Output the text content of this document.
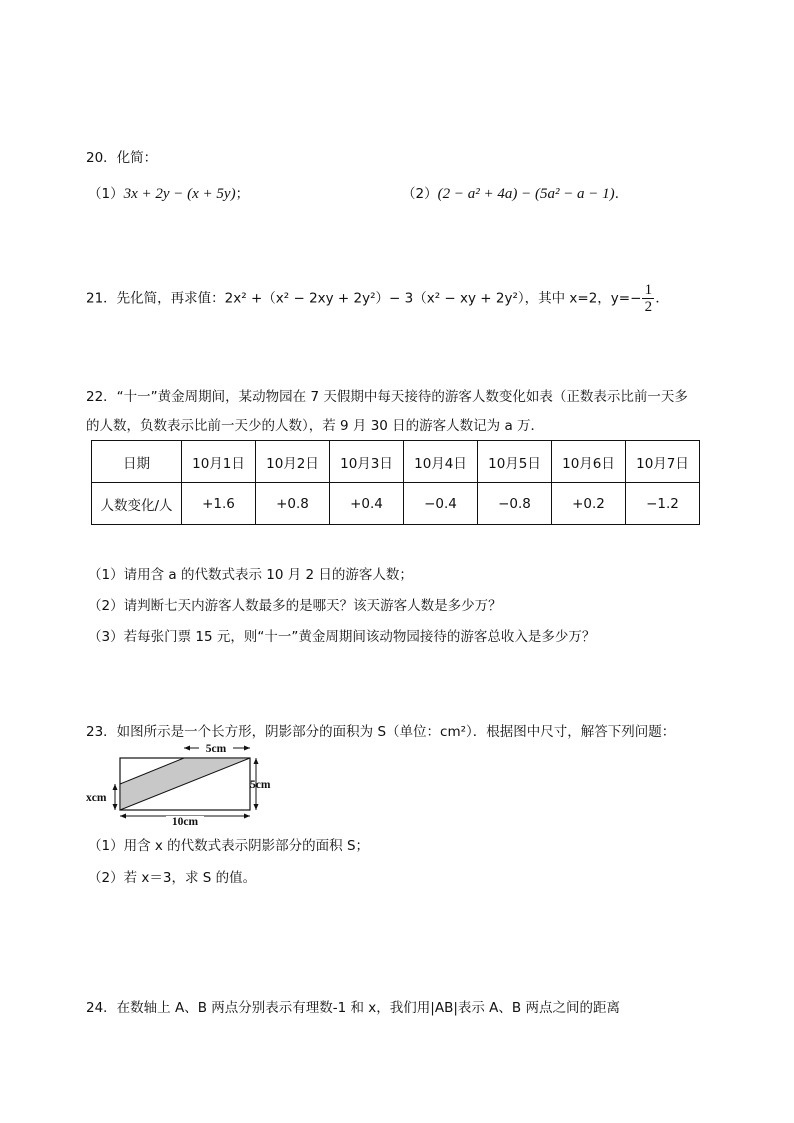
20．化简：
（1）3x + 2y − (x + 5y)；	（2）(2 − a² + 4a) − (5a² − a − 1)．
21．先化简，再求值：2x² +（x² − 2xy + 2y²）− 3（x² − xy + 2y²），其中 x=2，$y=- \frac{1}{2}$ ．
22．“十一”黄金周期间，某动物园在 7 天假期中每天接待的游客人数变化如表（正数表示比前一天多
的人数，负数表示比前一天少的人数），若 9 月 30 日的游客人数记为 a 万．
日期	10月1日	10月2日	10月3日	10月4日	10月5日	10月6日	10月7日
人数变化/人	+1.6	+0.8	+0.4	−0.4	−0.8	+0.2	−1.2
（1）请用含 a 的代数式表示 10 月 2 日的游客人数；
（2）请判断七天内游客人数最多的是哪天？该天游客人数是多少万？
（3）若每张门票 15 元，则“十一”黄金周期间该动物园接待的游客总收入是多少万？
23．如图所示是一个长方形，阴影部分的面积为 S（单位：cm²）．根据图中尺寸，解答下列问题：
5cm
5cm
xcm
10cm
（1）用含 x 的代数式表示阴影部分的面积 S；
（2）若 x＝3，求 S 的值。
24．在数轴上 A、B 两点分别表示有理数-1 和 x，我们用|AB|表示 A、B 两点之间的距离
